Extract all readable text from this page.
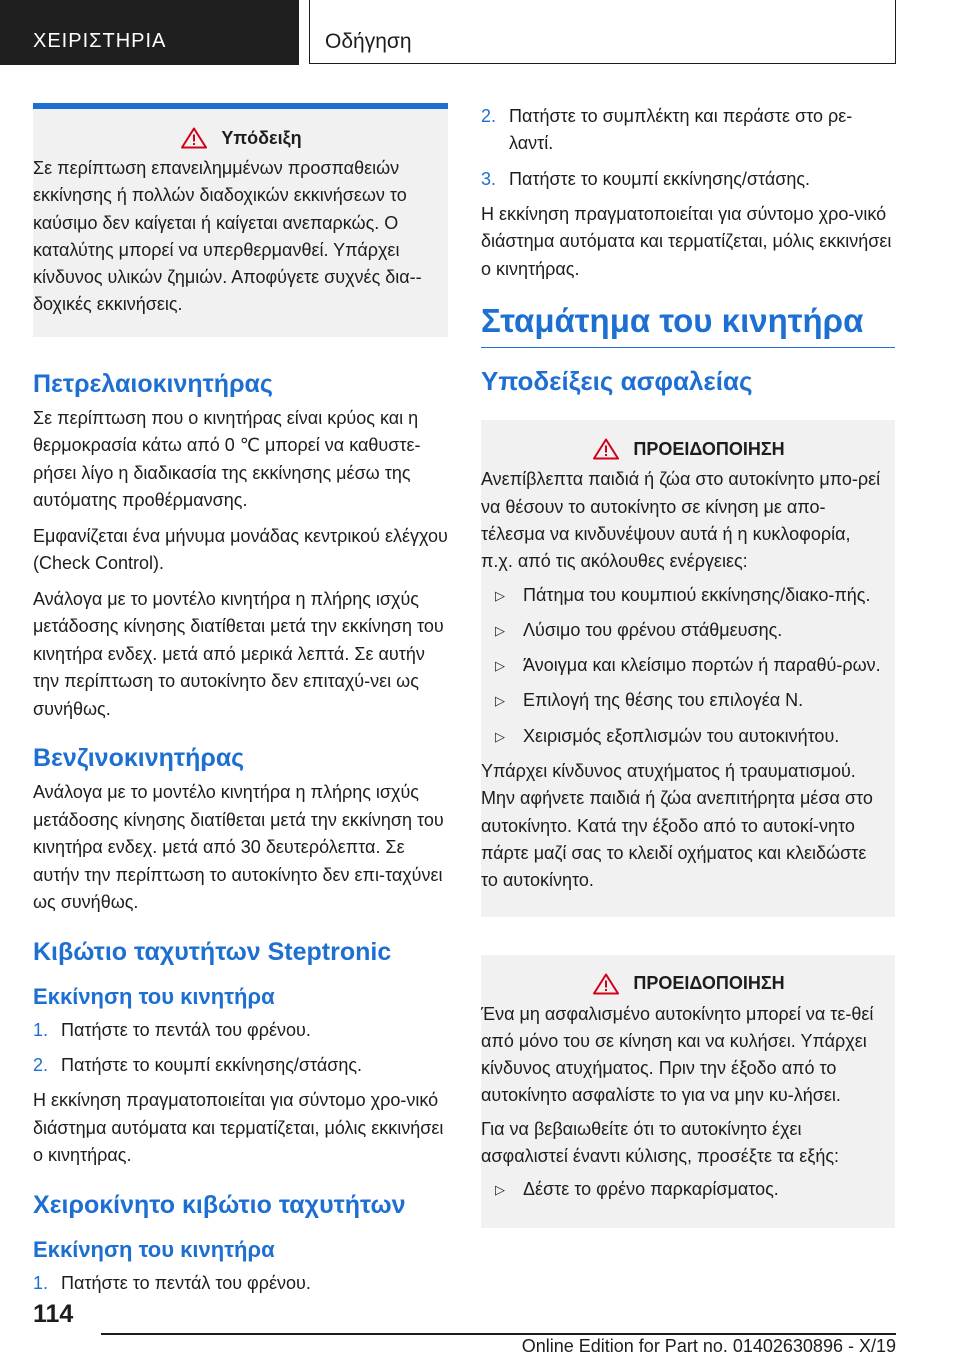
ΧΕΙΡΙΣΤΗΡΙΑ	Οδήγηση
Υπόδειξη

Σε περίπτωση επανειλημμένων προσπαθειών εκκίνησης ή πολλών διαδοχικών εκκινήσεων το καύσιμο δεν καίγεται ή καίγεται ανεπαρκώς. Ο καταλύτης μπορεί να υπερθερμανθεί. Υπάρχει κίνδυνος υλικών ζημιών. Αποφύγετε συχνές δια-δοχικές εκκινήσεις.

Πετρελαιοκινητήρας

Σε περίπτωση που ο κινητήρας είναι κρύος και η θερμοκρασία κάτω από 0 ℃ μπορεί να καθυστε-ρήσει λίγο η διαδικασία της εκκίνησης μέσω της αυτόματης προθέρμανσης.

Εμφανίζεται ένα μήνυμα μονάδας κεντρικού ελέγχου (Check Control).

Ανάλογα με το μοντέλο κινητήρα η πλήρης ισχύς μετάδοσης κίνησης διατίθεται μετά την εκκίνηση του κινητήρα ενδεχ. μετά από μερικά λεπτά. Σε αυτήν την περίπτωση το αυτοκίνητο δεν επιταχύ-νει ως συνήθως.

Βενζινοκινητήρας

Ανάλογα με το μοντέλο κινητήρα η πλήρης ισχύς μετάδοσης κίνησης διατίθεται μετά την εκκίνηση του κινητήρα ενδεχ. μετά από 30 δευτερόλεπτα. Σε αυτήν την περίπτωση το αυτοκίνητο δεν επι-ταχύνει ως συνήθως.

Κιβώτιο ταχυτήτων Steptronic
Εκκίνηση του κινητήρα
1. Πατήστε το πεντάλ του φρένου.
2. Πατήστε το κουμπί εκκίνησης/στάσης.

Η εκκίνηση πραγματοποιείται για σύντομο χρο-νικό διάστημα αυτόματα και τερματίζεται, μόλις εκκινήσει ο κινητήρας.

Χειροκίνητο κιβώτιο ταχυτήτων
Εκκίνηση του κινητήρα
1. Πατήστε το πεντάλ του φρένου.
2. Πατήστε το συμπλέκτη και περάστε στο ρε-λαντί.
3. Πατήστε το κουμπί εκκίνησης/στάσης.

Η εκκίνηση πραγματοποιείται για σύντομο χρο-νικό διάστημα αυτόματα και τερματίζεται, μόλις εκκινήσει ο κινητήρας.

Σταμάτημα του κινητήρα
Υποδείξεις ασφαλείας
ΠΡΟΕΙΔΟΠΟΙΗΣΗ

Ανεπίβλεπτα παιδιά ή ζώα στο αυτοκίνητο μπο-ρεί να θέσουν το αυτοκίνητο σε κίνηση με απο-τέλεσμα να κινδυνέψουν αυτά ή η κυκλοφορία, π.χ. από τις ακόλουθες ενέργειες:

▷	Πάτημα του κουμπιού εκκίνησης/διακο-πής.
▷	Λύσιμο του φρένου στάθμευσης.
▷	Άνοιγμα και κλείσιμο πορτών ή παραθύ-ρων.
▷	Επιλογή της θέσης του επιλογέα N.
▷	Χειρισμός εξοπλισμών του αυτοκινήτου.

Υπάρχει κίνδυνος ατυχήματος ή τραυματισμού. Μην αφήνετε παιδιά ή ζώα ανεπιτήρητα μέσα στο αυτοκίνητο. Κατά την έξοδο από το αυτοκί-νητο πάρτε μαζί σας το κλειδί οχήματος και κλειδώστε το αυτοκίνητο.

ΠΡΟΕΙΔΟΠΟΙΗΣΗ

Ένα μη ασφαλισμένο αυτοκίνητο μπορεί να τε-θεί από μόνο του σε κίνηση και να κυλήσει. Υπάρχει κίνδυνος ατυχήματος. Πριν την έξοδο από το αυτοκίνητο ασφαλίστε το για να μην κυ-λήσει.

Για να βεβαιωθείτε ότι το αυτοκίνητο έχει ασφαλιστεί έναντι κύλισης, προσέξτε τα εξής:

▷	Δέστε το φρένο παρκαρίσματος.
114
Online Edition for Part no. 01402630896 - X/19
